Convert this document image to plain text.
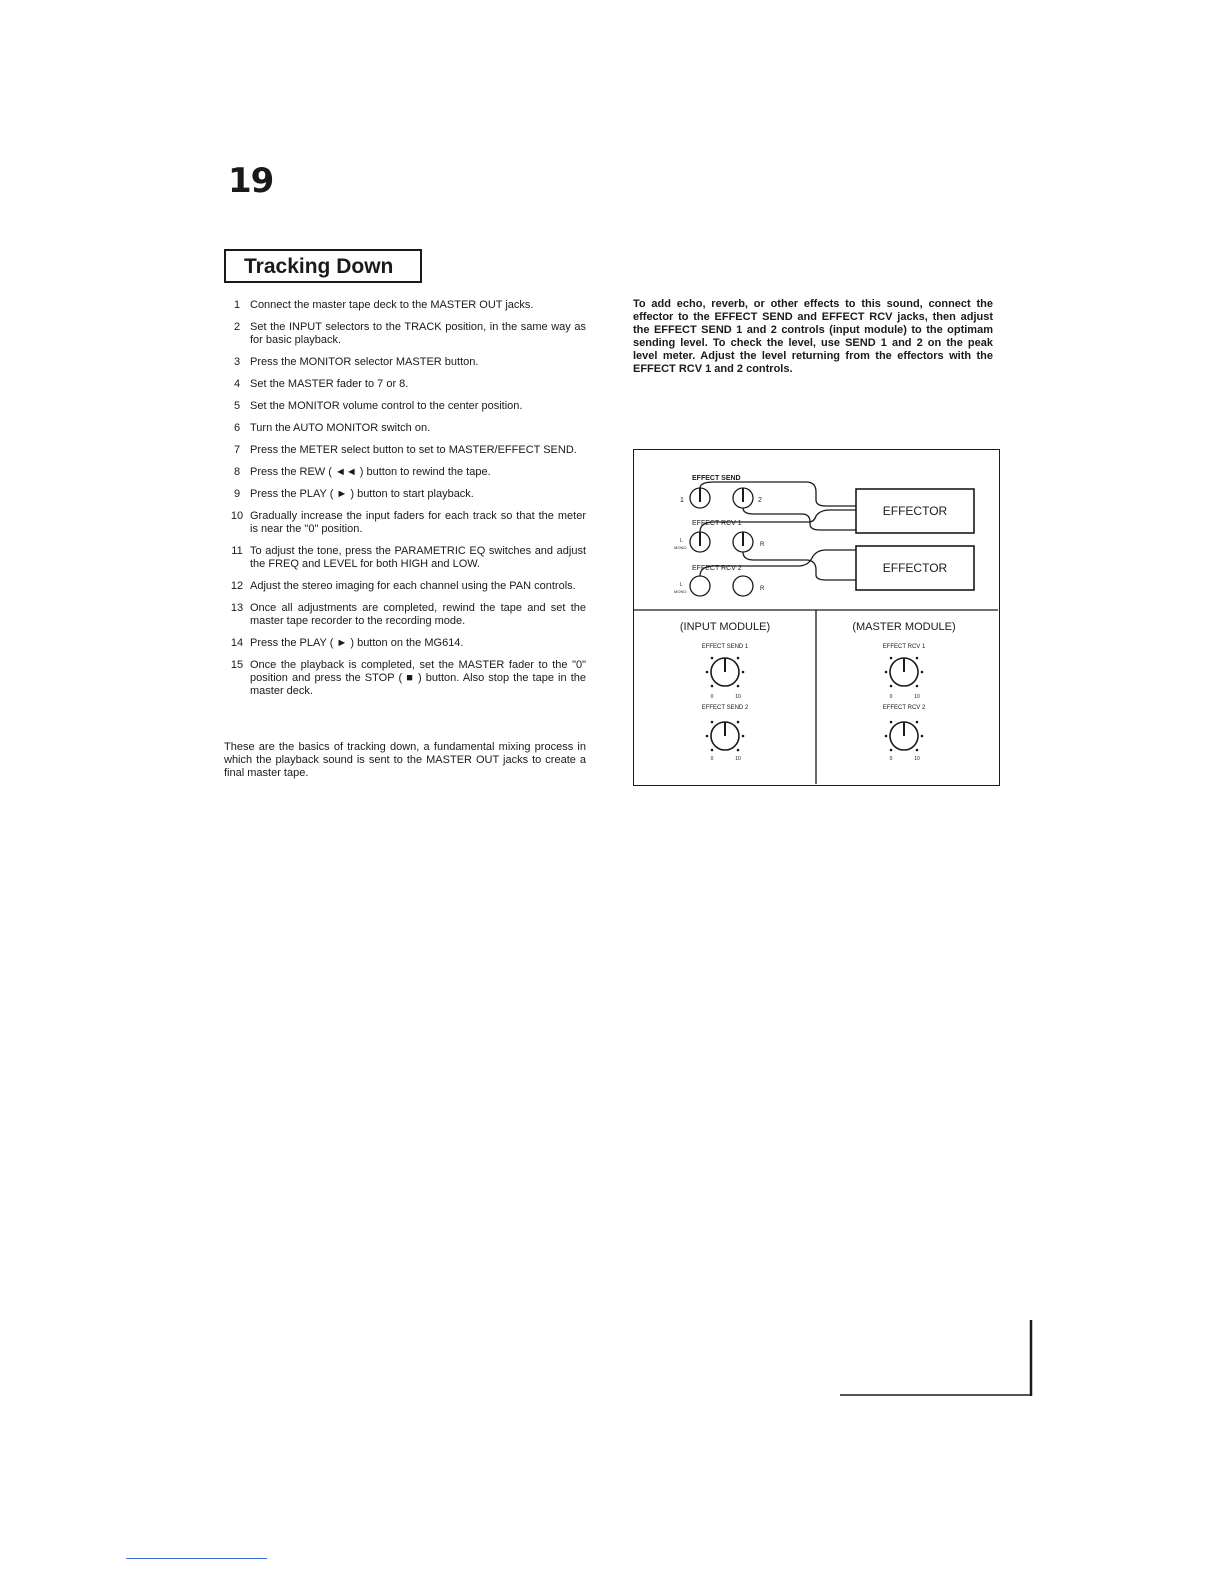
19
Tracking Down
1 Connect the master tape deck to the MASTER OUT jacks.
2 Set the INPUT selectors to the TRACK position, in the same way as for basic playback.
3 Press the MONITOR selector MASTER button.
4 Set the MASTER fader to 7 or 8.
5 Set the MONITOR volume control to the center position.
6 Turn the AUTO MONITOR switch on.
7 Press the METER select button to set to MASTER/EFFECT SEND.
8 Press the REW ( ◄◄ ) button to rewind the tape.
9 Press the PLAY ( ► ) button to start playback.
10 Gradually increase the input faders for each track so that the meter is near the "0" position.
11 To adjust the tone, press the PARAMETRIC EQ switches and adjust the FREQ and LEVEL for both HIGH and LOW.
12 Adjust the stereo imaging for each channel using the PAN controls.
13 Once all adjustments are completed, rewind the tape and set the master tape recorder to the recording mode.
14 Press the PLAY ( ► ) button on the MG614.
15 Once the playback is completed, set the MASTER fader to the "0" position and press the STOP ( ■ ) button. Also stop the tape in the master deck.

These are the basics of tracking down, a fundamental mixing process in which the playback sound is sent to the MASTER OUT jacks to create a final master tape.

To add echo, reverb, or other effects to this sound, connect the effector to the EFFECT SEND and EFFECT RCV jacks, then adjust the EFFECT SEND 1 and 2 controls (input module) to the optimam sending level. To check the level, use SEND 1 and 2 on the peak level meter. Adjust the level returning from the effectors with the EFFECT RCV 1 and 2 controls.

EFFECT SEND
1	2
EFFECT RCV 1
L
MONO	R
EFFECT RCV 2
L
MONO	R
EFFECTOR
EFFECTOR
(INPUT MODULE)
EFFECT SEND 1
0	10
EFFECT SEND 2
0	10
(MASTER MODULE)
EFFECT RCV 1
0	10
EFFECT RCV 2
0	10
